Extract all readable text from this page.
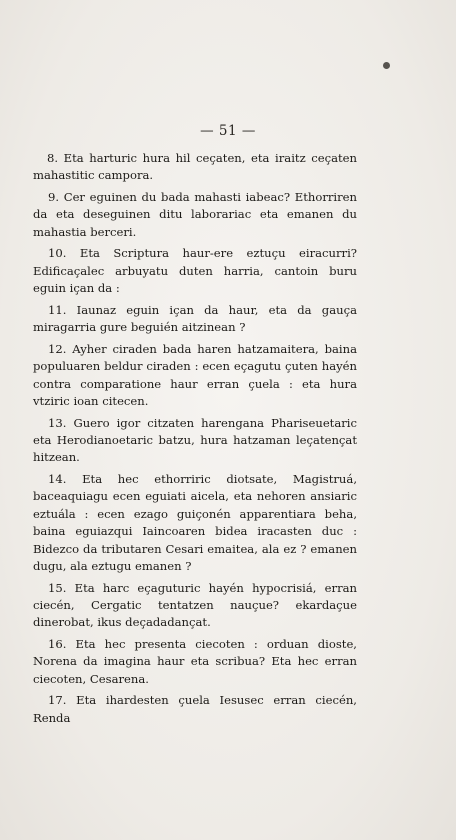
— 51 —

8. Eta harturic hura hil ceçaten, eta iraitz ceçaten mahastitic campora.

9. Cer eguinen du bada mahasti iabeac? Ethorriren da eta deseguinen ditu laborariac eta emanen du mahastia berceri.

10. Eta Scriptura haur-ere eztuçu eiracurri? Edificaçalec arbuyatu duten harria, cantoin buru eguin içan da :

11. Iaunaz eguin içan da haur, eta da gauça miragarria gure beguién aitzinean ?

12. Ayher ciraden bada haren hatzamaitera, baina populuaren beldur ciraden : ecen eçagutu çuten hayén contra comparatione haur erran çuela : eta hura vtziric ioan citecen.

13. Guero igor citzaten harengana Phariseuetaric eta Herodianoetaric batzu, hura hatzaman leçatençat hitzean.

14. Eta hec ethorriric diotsate, Magistruá, baceaquiagu ecen eguiati aicela, eta nehoren ansiaric eztuála : ecen ezago guiçonén apparentiara beha, baina eguiazqui Iaincoaren bidea iracasten duc : Bidezco da tributaren Cesari emaitea, ala ez ? emanen dugu, ala eztugu emanen ?

15. Eta harc eçaguturic hayén hypocrisiá, erran ciecén, Cergatic tentatzen nauçue? ekardaçue dinerobat, ikus deçadadançat.

16. Eta hec presenta ciecoten : orduan dioste, Norena da imagina haur eta scribua? Eta hec erran ciecoten, Cesarena.

17. Eta ihardesten çuela Iesusec erran ciecén, Renda
